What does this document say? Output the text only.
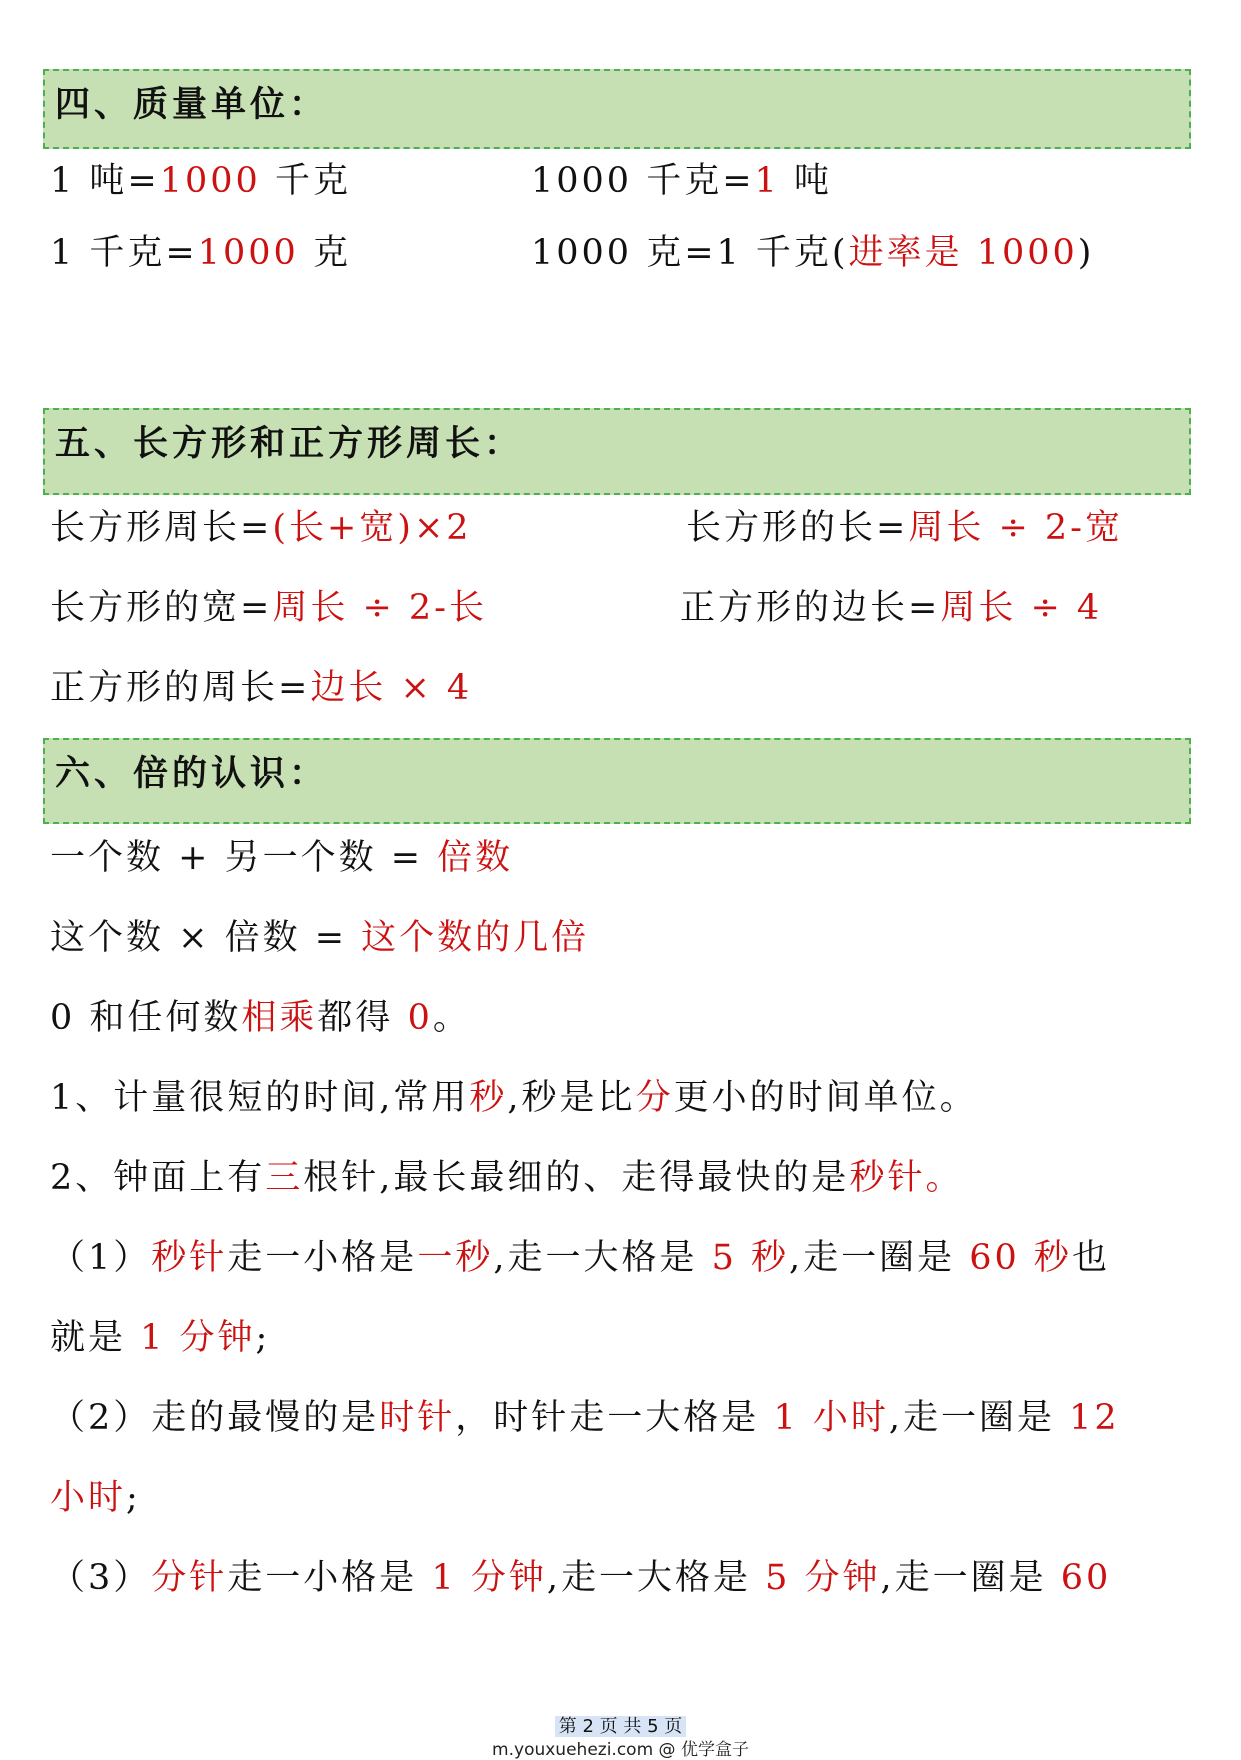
四、质量单位：
1 吨=1000 千克	1000 千克=1 吨
1 千克=1000 克	1000 克=1 千克(进率是 1000)
五、长方形和正方形周长：
长方形周长=(长+宽)×2	长方形的长=周长 ÷ 2-宽
长方形的宽=周长 ÷ 2-长	正方形的边长=周长 ÷ 4
正方形的周长=边长 × 4
六、倍的认识：
一个数 + 另一个数 = 倍数
这个数 × 倍数 = 这个数的几倍
0 和任何数相乘都得 0。
1、计量很短的时间,常用秒,秒是比分更小的时间单位。
2、钟面上有三根针,最长最细的、走得最快的是秒针。
（1）秒针走一小格是一秒,走一大格是 5 秒,走一圈是 60 秒也
就是 1 分钟;
（2）走的最慢的是时针，时针走一大格是 1 小时,走一圈是 12
小时;
（3）分针走一小格是 1 分钟,走一大格是 5 分钟,走一圈是 60
第 2 页 共 5 页
m.youxuehezi.com @ 优学盒子
